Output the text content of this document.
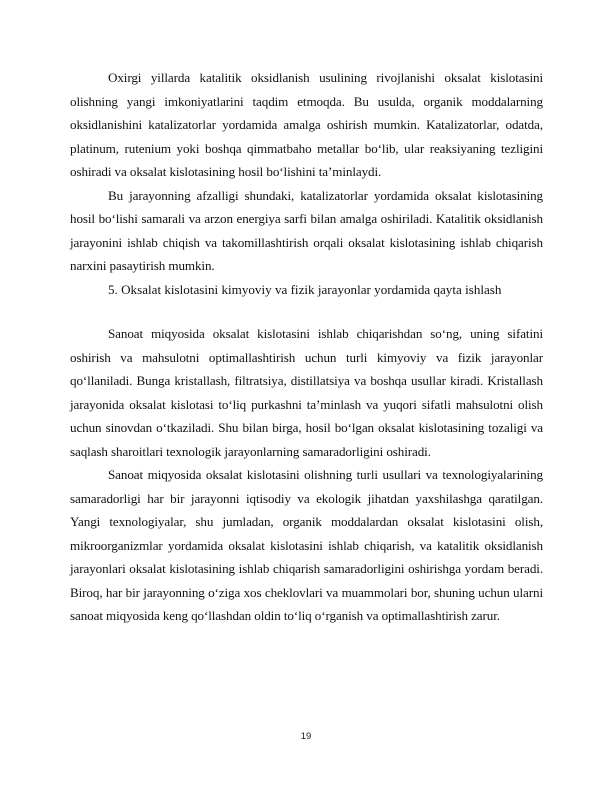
Oxirgi yillarda katalitik oksidlanish usulining rivojlanishi oksalat kislotasini olishning yangi imkoniyatlarini taqdim etmoqda. Bu usulda, organik moddalarning oksidlanishini katalizatorlar yordamida amalga oshirish mumkin. Katalizatorlar, odatda, platinum, rutenium yoki boshqa qimmatbaho metallar bo‘lib, ular reaksiyaning tezligini oshiradi va oksalat kislotasining hosil bo‘lishini ta’minlaydi.

Bu jarayonning afzalligi shundaki, katalizatorlar yordamida oksalat kislotasining hosil bo‘lishi samarali va arzon energiya sarfi bilan amalga oshiriladi. Katalitik oksidlanish jarayonini ishlab chiqish va takomillashtirish orqali oksalat kislotasining ishlab chiqarish narxini pasaytirish mumkin.

5. Oksalat kislotasini kimyoviy va fizik jarayonlar yordamida qayta ishlash

Sanoat miqyosida oksalat kislotasini ishlab chiqarishdan so‘ng, uning sifatini oshirish va mahsulotni optimallashtirish uchun turli kimyoviy va fizik jarayonlar qo‘llaniladi. Bunga kristallash, filtratsiya, distillatsiya va boshqa usullar kiradi. Kristallash jarayonida oksalat kislotasi to‘liq purkashni ta’minlash va yuqori sifatli mahsulotni olish uchun sinovdan o‘tkaziladi. Shu bilan birga, hosil bo‘lgan oksalat kislotasining tozaligi va saqlash sharoitlari texnologik jarayonlarning samaradorligini oshiradi.

Sanoat miqyosida oksalat kislotasini olishning turli usullari va texnologiyalarining samaradorligi har bir jarayonni iqtisodiy va ekologik jihatdan yaxshilashga qaratilgan. Yangi texnologiyalar, shu jumladan, organik moddalardan oksalat kislotasini olish, mikroorganizmlar yordamida oksalat kislotasini ishlab chiqarish, va katalitik oksidlanish jarayonlari oksalat kislotasining ishlab chiqarish samaradorligini oshirishga yordam beradi. Biroq, har bir jarayonning o‘ziga xos cheklovlari va muammolari bor, shuning uchun ularni sanoat miqyosida keng qo‘llashdan oldin to‘liq o‘rganish va optimallashtirish zarur.

19
